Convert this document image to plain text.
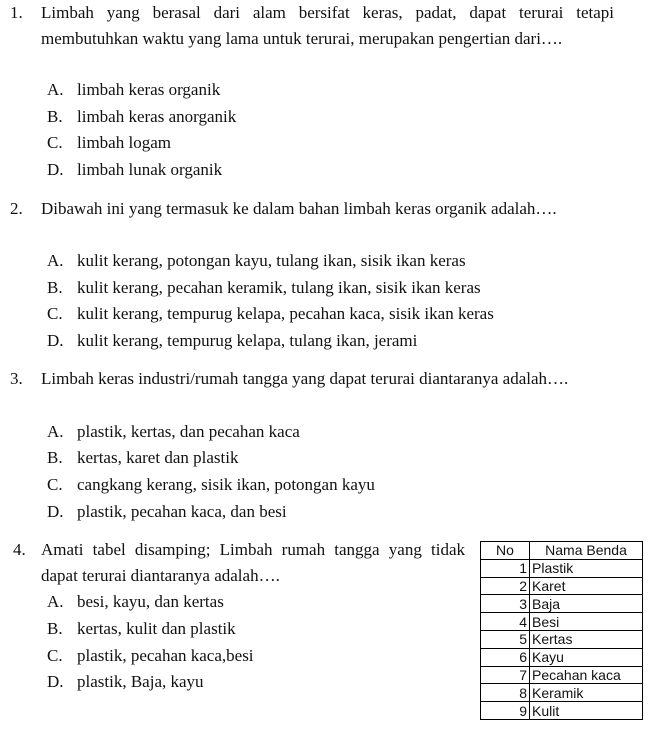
1. Limbah yang berasal dari alam bersifat keras, padat, dapat terurai tetapi membutuhkan waktu yang lama untuk terurai, merupakan pengertian dari….
A. limbah keras organik
B. limbah keras anorganik
C. limbah logam
D. limbah lunak organik
2. Dibawah ini yang termasuk ke dalam bahan limbah keras organik adalah….
A. kulit kerang, potongan kayu, tulang ikan, sisik ikan keras
B. kulit kerang, pecahan keramik, tulang ikan, sisik ikan keras
C. kulit kerang, tempurug kelapa, pecahan kaca, sisik ikan keras
D. kulit kerang, tempurug kelapa, tulang ikan, jerami
3. Limbah keras industri/rumah tangga yang dapat terurai diantaranya adalah….
A. plastik, kertas, dan pecahan kaca
B. kertas, karet dan plastik
C. cangkang kerang, sisik ikan, potongan kayu
D. plastik, pecahan kaca, dan besi
4. Amati tabel disamping; Limbah rumah tangga yang tidak dapat terurai diantaranya adalah….
A. besi, kayu, dan kertas
B. kertas, kulit dan plastik
C. plastik, pecahan kaca,besi
D. plastik, Baja, kayu
No	Nama Benda
1	Plastik
2	Karet
3	Baja
4	Besi
5	Kertas
6	Kayu
7	Pecahan kaca
8	Keramik
9	Kulit
